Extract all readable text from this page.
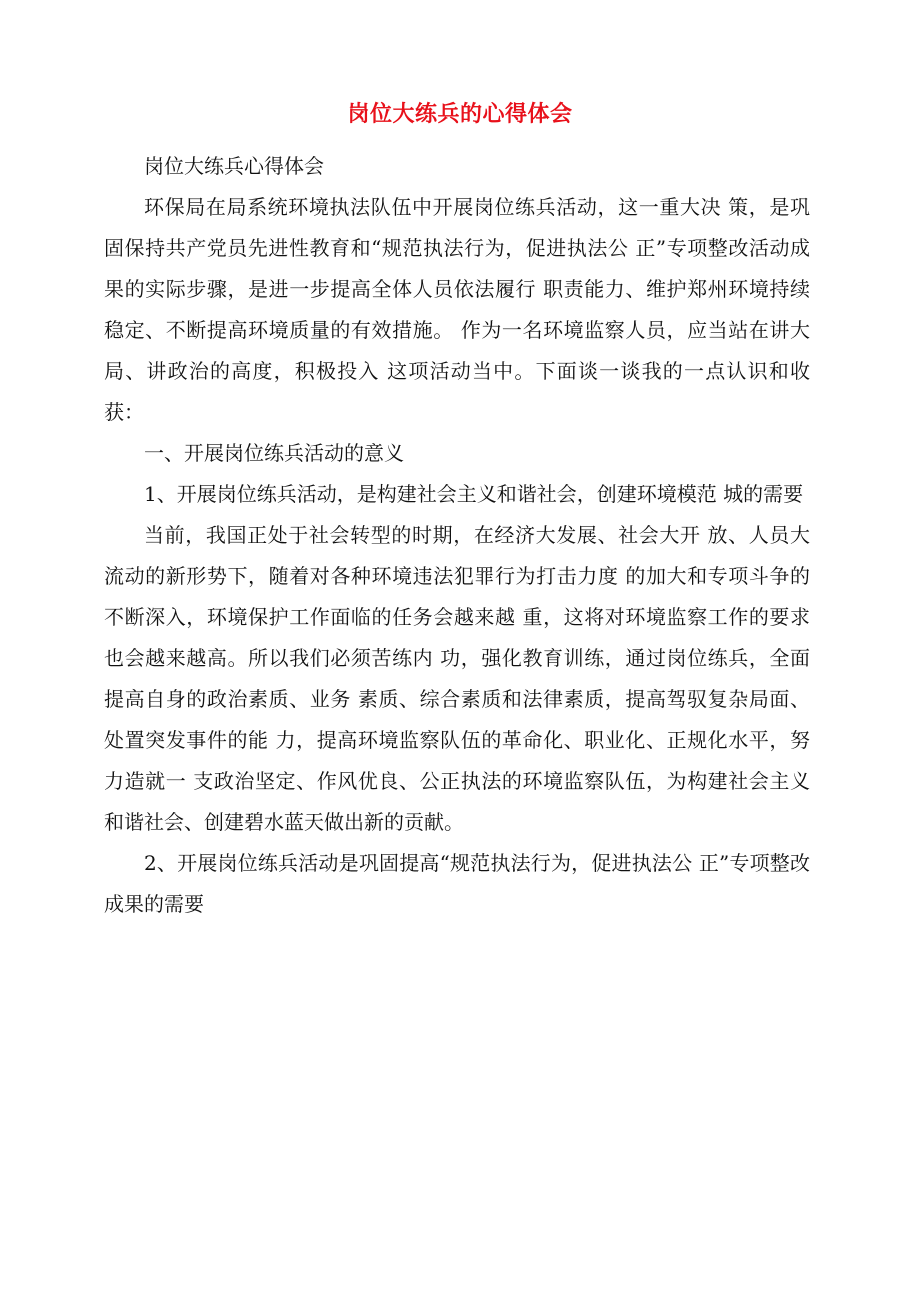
岗位大练兵的心得体会

岗位大练兵心得体会

环保局在局系统环境执法队伍中开展岗位练兵活动，这一重大决 策，是巩固保持共产党员先进性教育和“规范执法行为，促进执法公 正”专项整改活动成果的实际步骤，是进一步提高全体人员依法履行 职责能力、维护郑州环境持续稳定、不断提高环境质量的有效措施。 作为一名环境监察人员，应当站在讲大局、讲政治的高度，积极投入 这项活动当中。下面谈一谈我的一点认识和收获：

一、开展岗位练兵活动的意义

1、开展岗位练兵活动，是构建社会主义和谐社会，创建环境模范 城的需要

当前，我国正处于社会转型的时期，在经济大发展、社会大开 放、人员大流动的新形势下，随着对各种环境违法犯罪行为打击力度 的加大和专项斗争的不断深入，环境保护工作面临的任务会越来越 重，这将对环境监察工作的要求也会越来越高。所以我们必须苦练内 功，强化教育训练，通过岗位练兵，全面提高自身的政治素质、业务 素质、综合素质和法律素质，提高驾驭复杂局面、处置突发事件的能 力，提高环境监察队伍的革命化、职业化、正规化水平，努力造就一 支政治坚定、作风优良、公正执法的环境监察队伍，为构建社会主义 和谐社会、创建碧水蓝天做出新的贡献。

2、开展岗位练兵活动是巩固提高“规范执法行为，促进执法公 正”专项整改成果的需要
